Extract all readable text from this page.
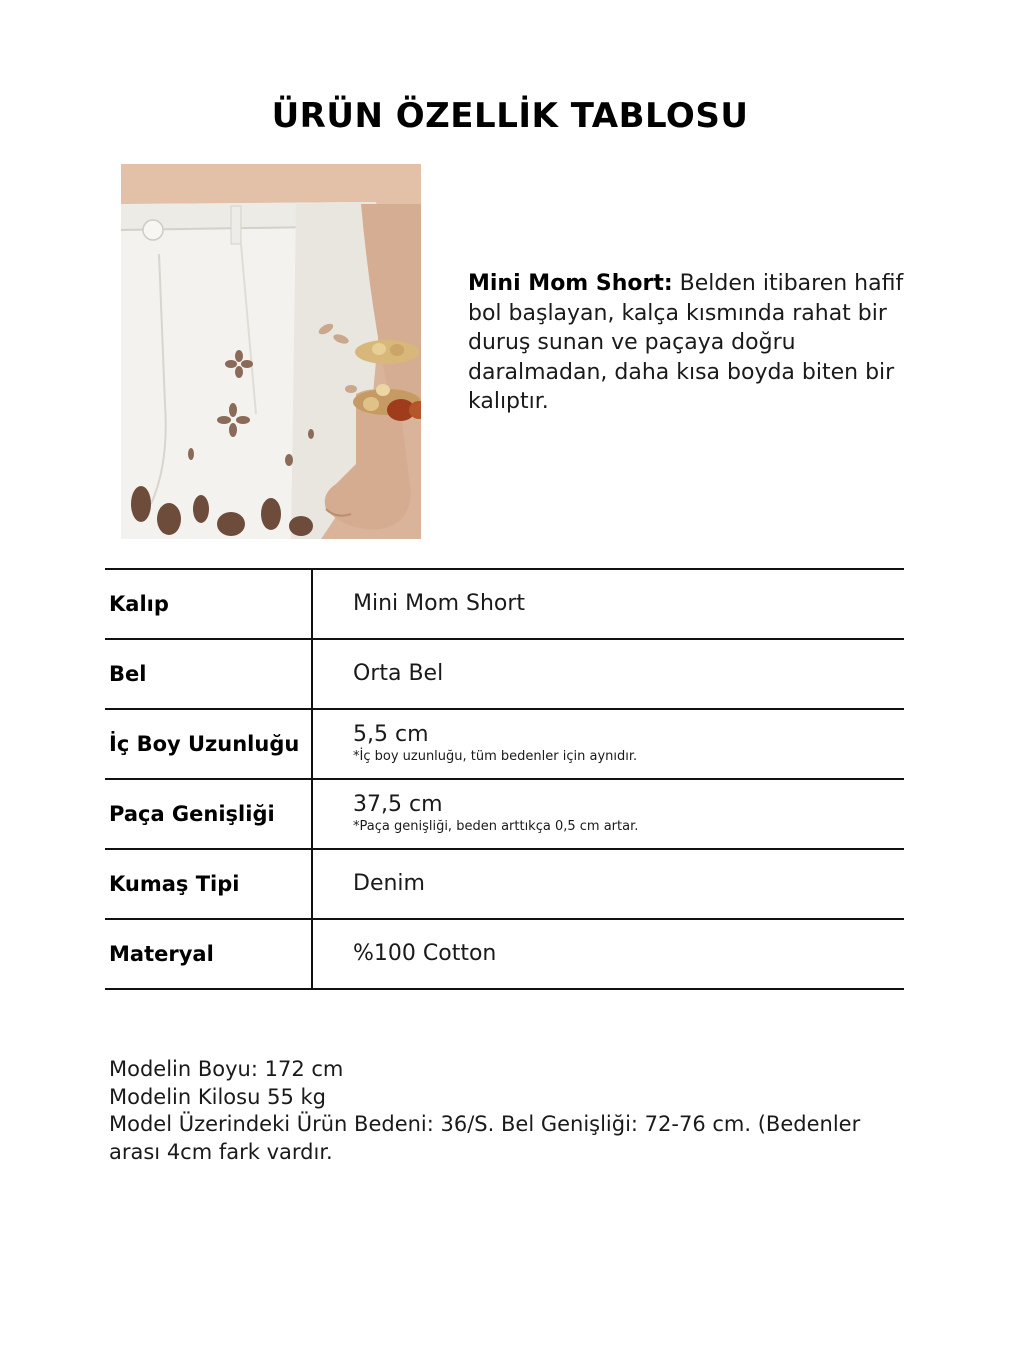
ÜRÜN ÖZELLİK TABLOSU
Mini Mom Short: Belden itibaren hafif bol başlayan, kalça kısmında rahat bir duruş sunan ve paçaya doğru daralmadan, daha kısa boyda biten bir kalıptır.
Kalıp	Mini Mom Short

Bel	Orta Bel

İç Boy Uzunluğu	5,5 cm
*İç boy uzunluğu, tüm bedenler için aynıdır.

Paça Genişliği	37,5 cm
*Paça genişliği, beden arttıkça 0,5 cm artar.

Kumaş Tipi	Denim

Materyal	%100 Cotton
Modelin Boyu: 172 cm
Modelin Kilosu 55 kg
Model Üzerindeki Ürün Bedeni: 36/S. Bel Genişliği: 72-76 cm. (Bedenler
arası 4cm fark vardır.
